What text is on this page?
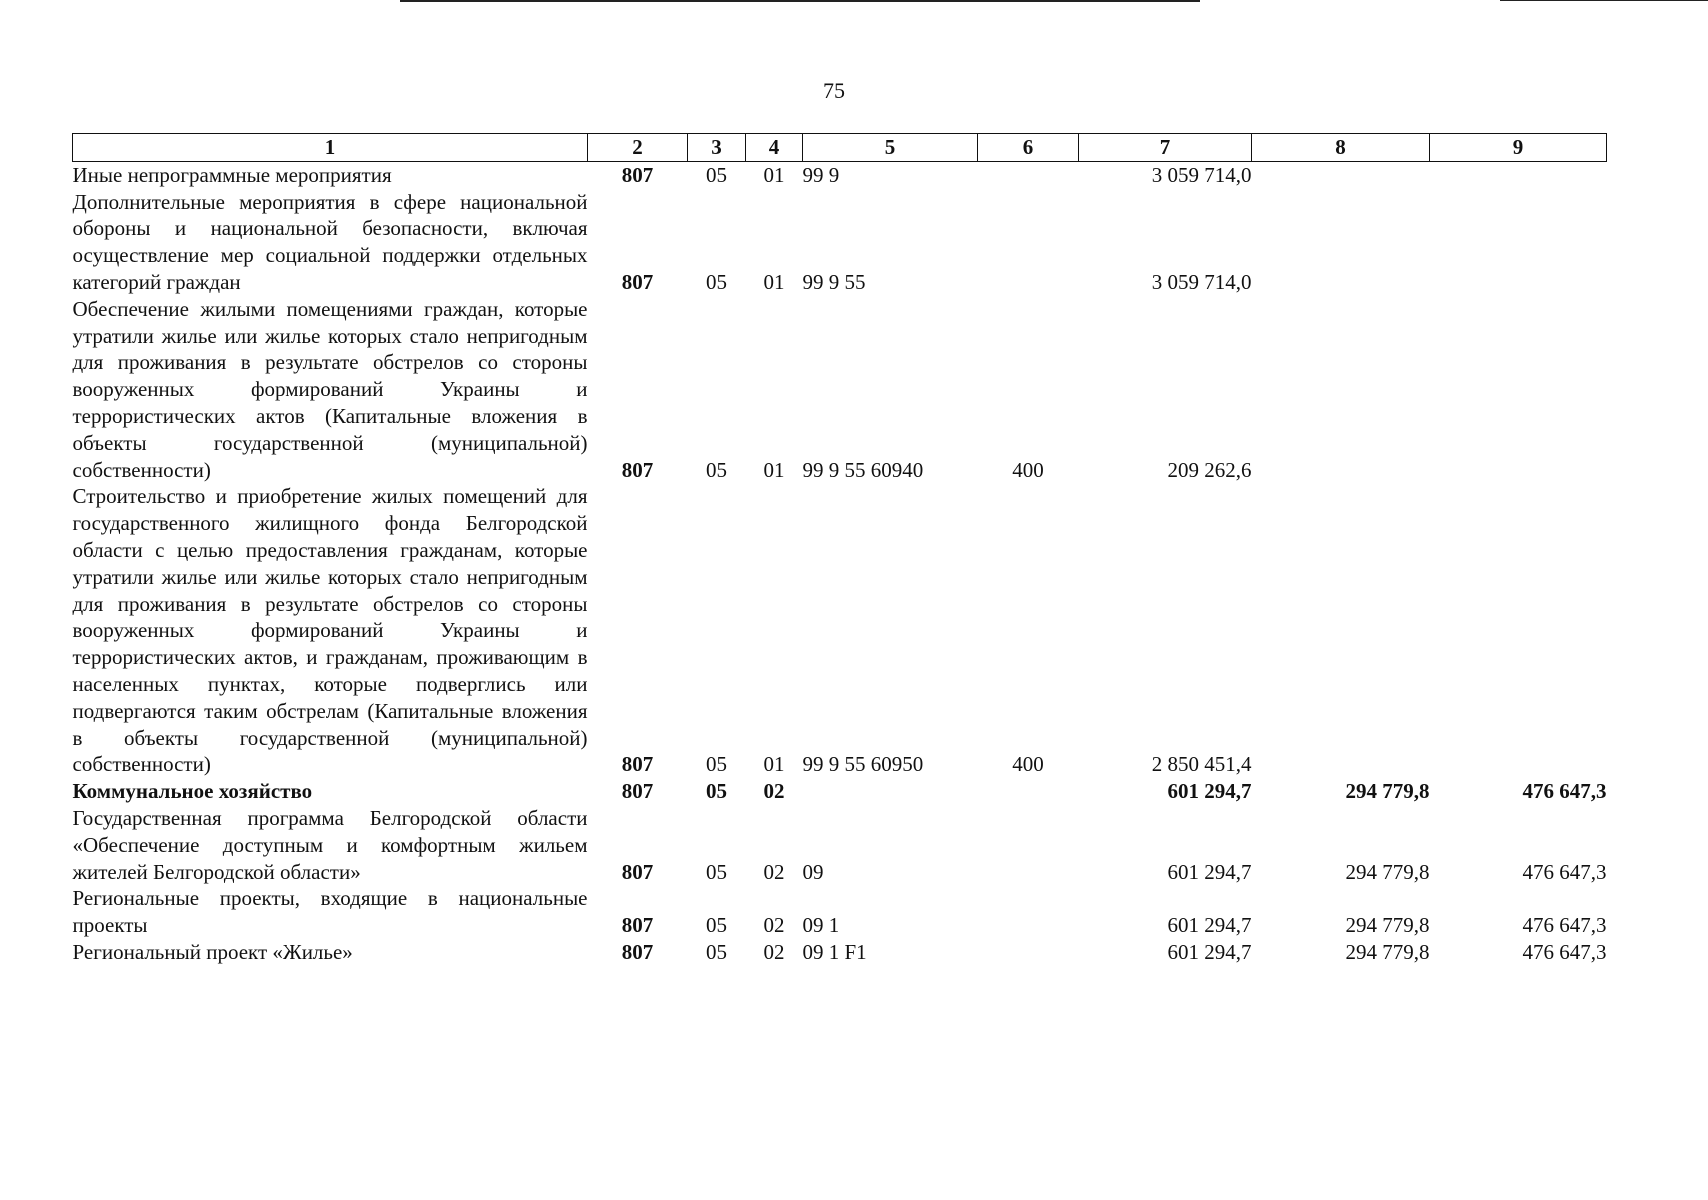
75
1	2	3	4	5	6	7	8	9
Иные непрограммные мероприятия	807	05	01	99 9		3 059 714,0		
Дополнительные мероприятия в сфере национальной обороны и национальной безопасности, включая осуществление мер социальной поддержки отдельных категорий граждан	807	05	01	99 9 55		3 059 714,0		
Обеспечение жилыми помещениями граждан, которые утратили жилье или жилье которых стало непригодным для проживания в результате обстрелов со стороны вооруженных формирований Украины и террористических актов (Капитальные вложения в объекты государственной (муниципальной) собственности)	807	05	01	99 9 55 60940	400	209 262,6		
Строительство и приобретение жилых помещений для государственного жилищного фонда Белгородской области с целью предоставления гражданам, которые утратили жилье или жилье которых стало непригодным для проживания в результате обстрелов со стороны вооруженных формирований Украины и террористических актов, и гражданам, проживающим в населенных пунктах, которые подверглись или подвергаются таким обстрелам (Капитальные вложения в объекты государственной (муниципальной) собственности)	807	05	01	99 9 55 60950	400	2 850 451,4		
Коммунальное хозяйство	807	05	02			601 294,7	294 779,8	476 647,3
Государственная программа Белгородской области «Обеспечение доступным и комфортным жильем жителей Белгородской области»	807	05	02	09		601 294,7	294 779,8	476 647,3
Региональные проекты, входящие в национальные проекты	807	05	02	09 1		601 294,7	294 779,8	476 647,3
Региональный проект «Жилье»	807	05	02	09 1 F1		601 294,7	294 779,8	476 647,3
